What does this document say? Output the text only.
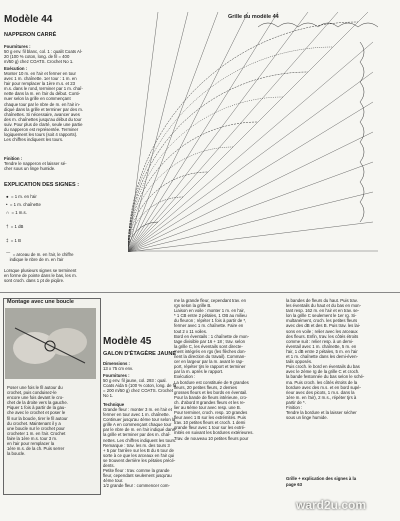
Modèle 44
NAPPERON CARRÉ
Fournitures :
50 g env. fil blanc, col. 1 : qualit Coats Al-
20 (100 % coton, long. de fil = 400
m/50 g) chez COATS. Crochet No 1.
Exécution :
Monter 10 m. en l'air et fermer en tour
avec 1 m. chaînette. 1er tour : 1 m. en
l'air pour remplacer la 1ère m.s. et 23
m.s. dans le rond, terminer par 1 m. chaî-
nette dans la m. en l'air du début. Conti-
nuer selon la grille en commençant
chaque tour par le nbre de m. en l'air in-
diqué dans la grille et terminer par des m.
chaînettes. Si nécessaire, avancer aves
des m. chaînettes jusqu'au début du tour
suiv. Pour plus de clarté, seule une partie
du napperon est représentée. Terminer
logiquement les tours (soit 4 rapports).
Les chiffres indiquent les tours.
Finition :
Tendre le napperon et laisser sé-
cher sous un linge humide.
EXPLICATION DES SIGNES :
● = 1 m. en l'air
• = 1 m. chaînette
∩ = 1 m.s.
† = 1 dB
‡ = 1 B
⌒ = arceau de m. en l'air, le chiffre
indique le nbre de m. en l'air
Lorsque plusieurs signes se terminent
en forme de pointe dans le bas, les m.
sont croch. dans 1 pt de piqûre.
Grille du modèle 44
Montage avec une boucle
Poser une fois le fil autour du
crochet, puis conduisez-le
encore une fois devant le cro-
chet de la droite vers la gauche.
Piquer 1 fois à partir de la gau-
che avec le crochet et poser le
fil sur la boucle, tirer le fil autour
du crochet. Maintenant il y a
une boucle sur le crochet pour
crocheter 1 m. en l'air. Crochet
faire la 1ère m.s. tour 3 m.
en l'air pour remplacer la
1ère m.s. de la ch. Puis serrer
la boucle.
Modèle 45
GALON D'ÉTAGÈRE JAUNE
Dimensions :
13 x 75 cm env.
Fournitures :
50 g env. fil jaune, col. 293 : qual.
Coats Aida 5 (100 % coton, long. de fil
= 200 m/50 g) chez COATS. Crochet
No 1.
Technique
Grande fleur : monter 3 m. en l'air et
fermer en tour avec 1 m. chaînette.
Continuer jusqu'au 4ème tour selon la
grille A en commençant chaque tour
par le nbre de m. en l'air indiqué dans
la grille et terminer par des m. chaî-
nettes. Les chiffres indiquent les tours.
Remarque : trav. les m. des tours 3
+ 5 par l'arrière sur les B du 6 tour de
sorte à ce que les arceaux en l'air qui
se trouvent derrière les pétales précé-
dents.
Petite fleur : trav. comme la grande
fleur, cependant seulement jusqu'au
4ème tour.
1/2 grande fleur : commencer com-
me la grande fleur, cependant trav. en
rgs selon la grille B.
Liaison en voile : monter 1 m. en l'air,
* 1 CB entre 2 pétales, 1 OB au milieu
du fleuron ; répéter 1 fois à partir de *,
fermer avec 1 m. chaînette. Faire en
tout 2 x 11 voiles.
Bord en éventails : 1 chaînette de mon-
tage divisible par 16 + 18 ; trav. selon
la grille C, les éventails sont directe-
ment intégrés en rgs (les flèches don-
nent la direction du travail). Comman-
cer en largeur par la m. avant le rap-
port, répéter tjrs le rapport et terminer
par la m. après le rapport.
Exécution :
La bordure est constituée de 9 grandes
fleurs, 20 petites fleurs, 2 demies
grosses fleurs et les bords en éventail.
Pour la bande de fleurs intérieure, cro-
ch. d'abord 8 grandes fleurs et les re-
lier au 6ème tour avec resp. une B.
Pour terminer, croch. resp. 10 grandes
fleur avec 1 B sur les extrémités. Puis
trav. 10 petites fleurs et croch. 1 demi
grande fleur avec 1 tour sur les extré-
mités en suivant les bordures extérieures.
Trav. de nouveau 10 petites fleurs pour
la bandes de fleurs du haut. Puis trav.
les éventails du haut et du bas en mon-
tant resp. 162 m. en l'air et en trav. se-
lon la grille C seulement le 1er rg. Si-
multanément, croch. les petites fleurs
avec des dB et des B. Puis trav. les lai-
sons en voile ; relier avec les arceaux
des fleurs. Enfin, trav. les côtés étroits
comme suit : relier resp. à un demi-
éventail avec 1 m. chaînette, 5 m. en
l'air, 1 dB entre 2 pétales, 5 m. en l'air
et 1 m. chaînette dans les demi-éven-
tails opposés.
Puis croch. le bord en éventails du bas
avec le 2ème rg de la grille C et croch.
la bande festonnée du bas selon le sché-
ma. Puis croch. les côtés étroits de la
bordure avec des m.s. et en bord supé-
rieur avec des picots, 1 m.s. dans la
1ère m. en l'air), 2 m.s., répéter tjrs à
partir de *.
Finition :
Tendre la bordure et la laisser sécher
sous un linge humide.
Grille + explication des signes à la
page 63
ward2u.com
